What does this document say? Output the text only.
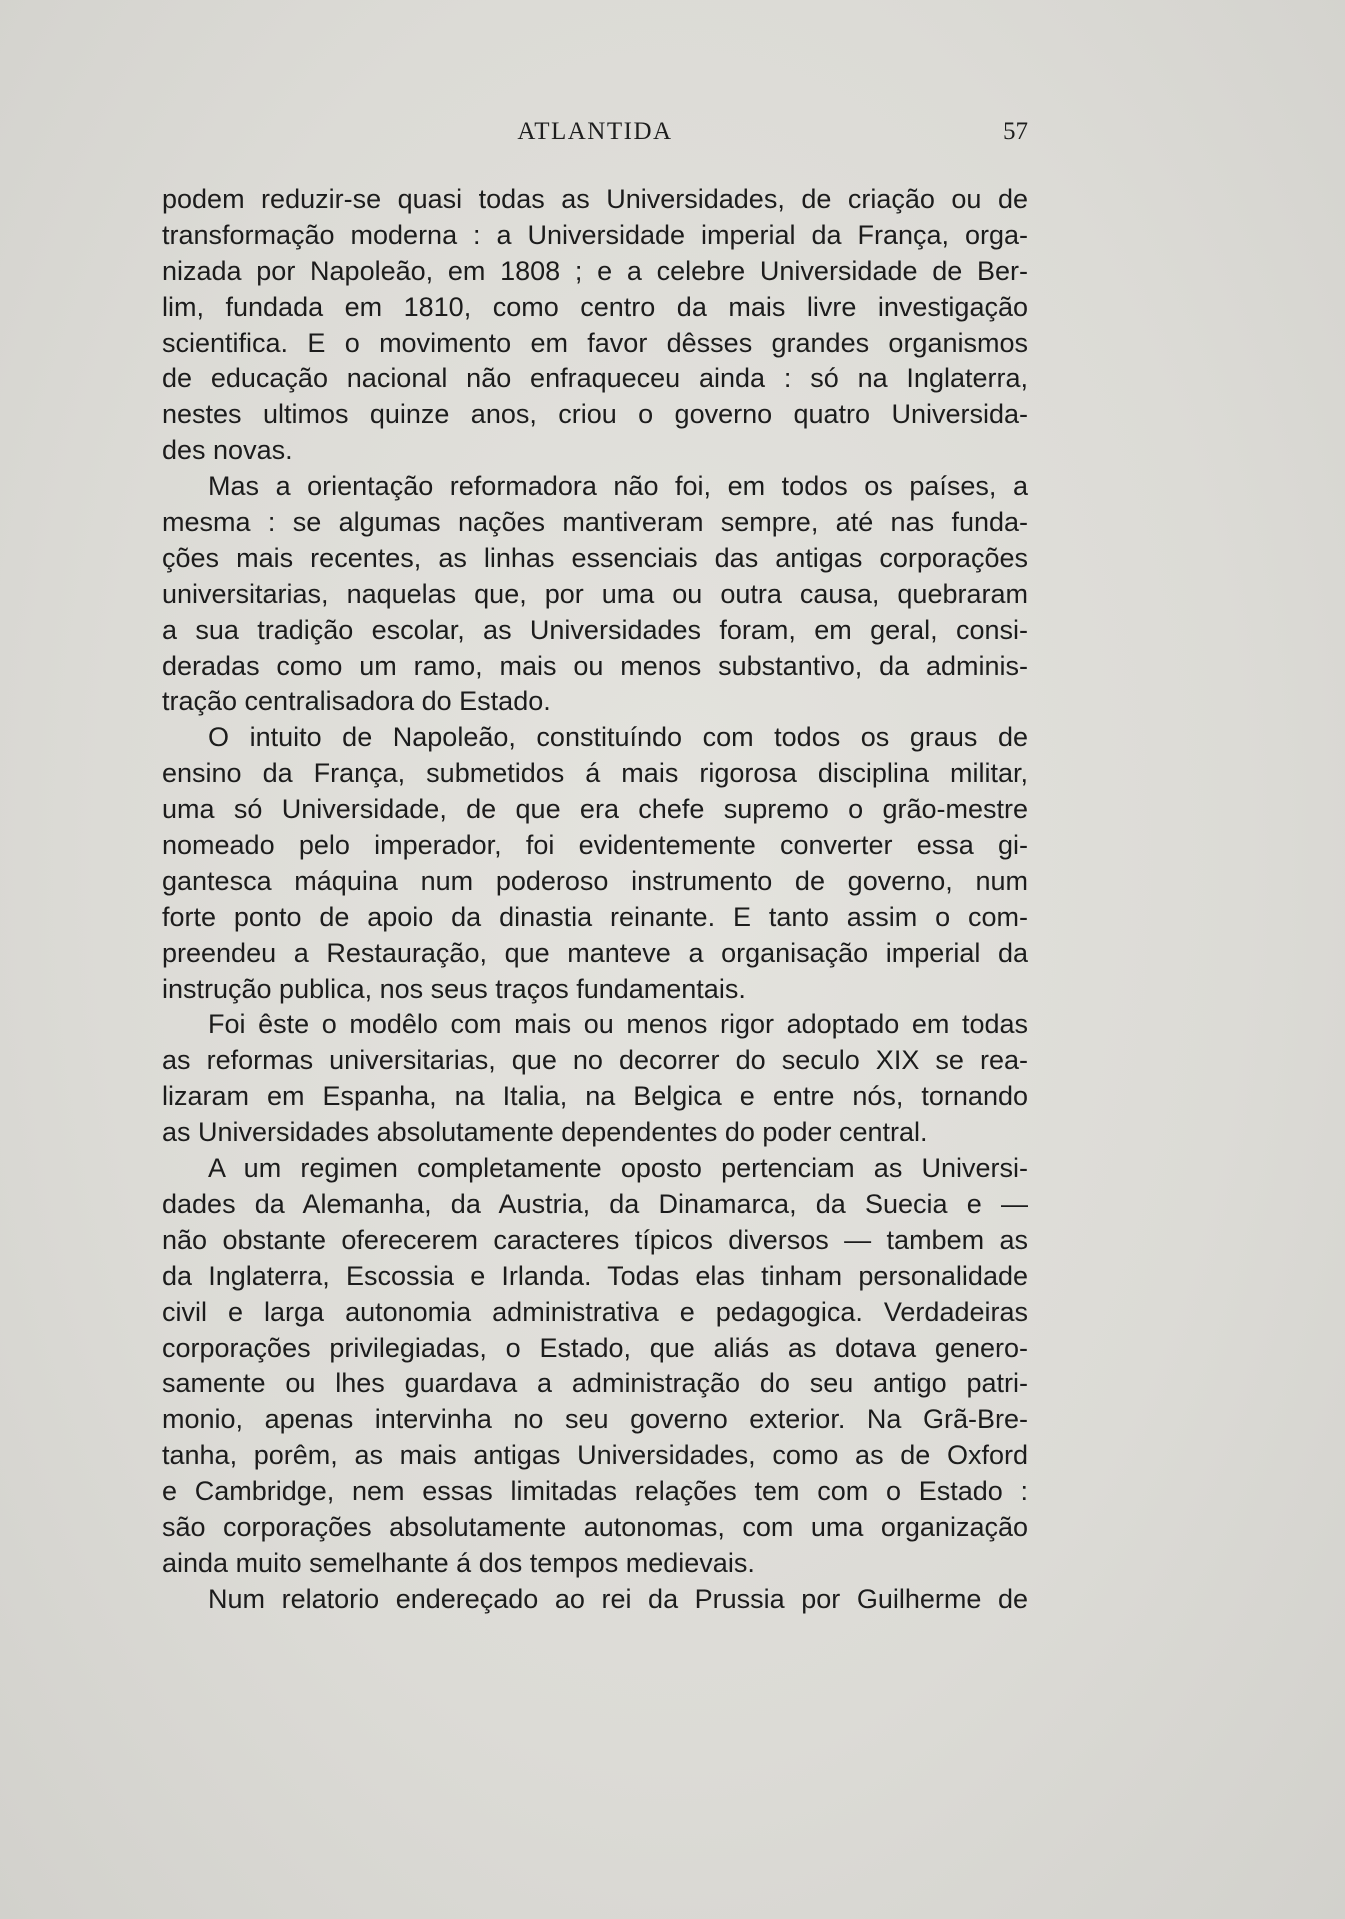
ATLANTIDA	57
podem reduzir-se quasi todas as Universidades, de criação ou de
transformação moderna : a Universidade imperial da França, orga-
nizada por Napoleão, em 1808 ; e a celebre Universidade de Ber-
lim, fundada em 1810, como centro da mais livre investigação
scientifica. E o movimento em favor dêsses grandes organismos
de educação nacional não enfraqueceu ainda : só na Inglaterra,
nestes ultimos quinze anos, criou o governo quatro Universida-
des novas.
Mas a orientação reformadora não foi, em todos os países, a
mesma : se algumas nações mantiveram sempre, até nas funda-
ções mais recentes, as linhas essenciais das antigas corporações
universitarias, naquelas que, por uma ou outra causa, quebraram
a sua tradição escolar, as Universidades foram, em geral, consi-
deradas como um ramo, mais ou menos substantivo, da adminis-
tração centralisadora do Estado.
O intuito de Napoleão, constituíndo com todos os graus de
ensino da França, submetidos á mais rigorosa disciplina militar,
uma só Universidade, de que era chefe supremo o grão-mestre
nomeado pelo imperador, foi evidentemente converter essa gi-
gantesca máquina num poderoso instrumento de governo, num
forte ponto de apoio da dinastia reinante. E tanto assim o com-
preendeu a Restauração, que manteve a organisação imperial da
instrução publica, nos seus traços fundamentais.
Foi êste o modêlo com mais ou menos rigor adoptado em todas
as reformas universitarias, que no decorrer do seculo XIX se rea-
lizaram em Espanha, na Italia, na Belgica e entre nós, tornando
as Universidades absolutamente dependentes do poder central.
A um regimen completamente oposto pertenciam as Universi-
dades da Alemanha, da Austria, da Dinamarca, da Suecia e —
não obstante oferecerem caracteres típicos diversos — tambem as
da Inglaterra, Escossia e Irlanda. Todas elas tinham personalidade
civil e larga autonomia administrativa e pedagogica. Verdadeiras
corporações privilegiadas, o Estado, que aliás as dotava genero-
samente ou lhes guardava a administração do seu antigo patri-
monio, apenas intervinha no seu governo exterior. Na Grã-Bre-
tanha, porêm, as mais antigas Universidades, como as de Oxford
e Cambridge, nem essas limitadas relações tem com o Estado :
são corporações absolutamente autonomas, com uma organização
ainda muito semelhante á dos tempos medievais.
Num relatorio endereçado ao rei da Prussia por Guilherme de
